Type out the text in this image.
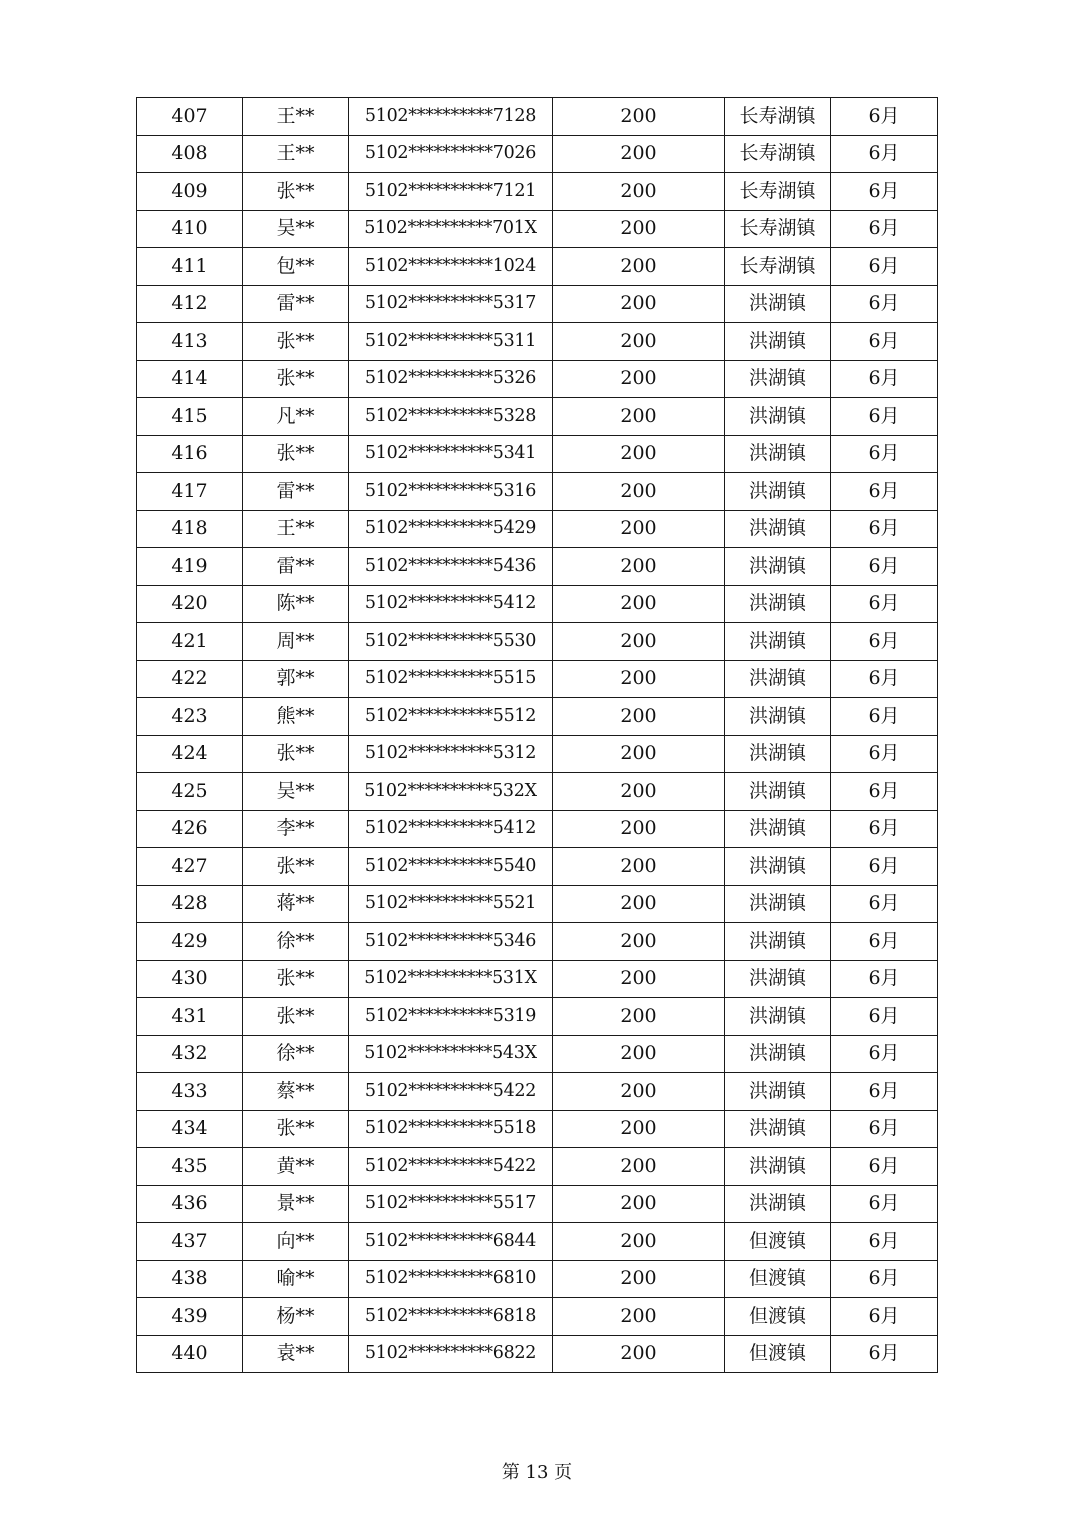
407	王**	5102**********7128	200	长寿湖镇	6月
408	王**	5102**********7026	200	长寿湖镇	6月
409	张**	5102**********7121	200	长寿湖镇	6月
410	吴**	5102**********701X	200	长寿湖镇	6月
411	包**	5102**********1024	200	长寿湖镇	6月
412	雷**	5102**********5317	200	洪湖镇	6月
413	张**	5102**********5311	200	洪湖镇	6月
414	张**	5102**********5326	200	洪湖镇	6月
415	凡**	5102**********5328	200	洪湖镇	6月
416	张**	5102**********5341	200	洪湖镇	6月
417	雷**	5102**********5316	200	洪湖镇	6月
418	王**	5102**********5429	200	洪湖镇	6月
419	雷**	5102**********5436	200	洪湖镇	6月
420	陈**	5102**********5412	200	洪湖镇	6月
421	周**	5102**********5530	200	洪湖镇	6月
422	郭**	5102**********5515	200	洪湖镇	6月
423	熊**	5102**********5512	200	洪湖镇	6月
424	张**	5102**********5312	200	洪湖镇	6月
425	吴**	5102**********532X	200	洪湖镇	6月
426	李**	5102**********5412	200	洪湖镇	6月
427	张**	5102**********5540	200	洪湖镇	6月
428	蒋**	5102**********5521	200	洪湖镇	6月
429	徐**	5102**********5346	200	洪湖镇	6月
430	张**	5102**********531X	200	洪湖镇	6月
431	张**	5102**********5319	200	洪湖镇	6月
432	徐**	5102**********543X	200	洪湖镇	6月
433	蔡**	5102**********5422	200	洪湖镇	6月
434	张**	5102**********5518	200	洪湖镇	6月
435	黄**	5102**********5422	200	洪湖镇	6月
436	景**	5102**********5517	200	洪湖镇	6月
437	向**	5102**********6844	200	但渡镇	6月
438	喻**	5102**********6810	200	但渡镇	6月
439	杨**	5102**********6818	200	但渡镇	6月
440	袁**	5102**********6822	200	但渡镇	6月
第 13 页
